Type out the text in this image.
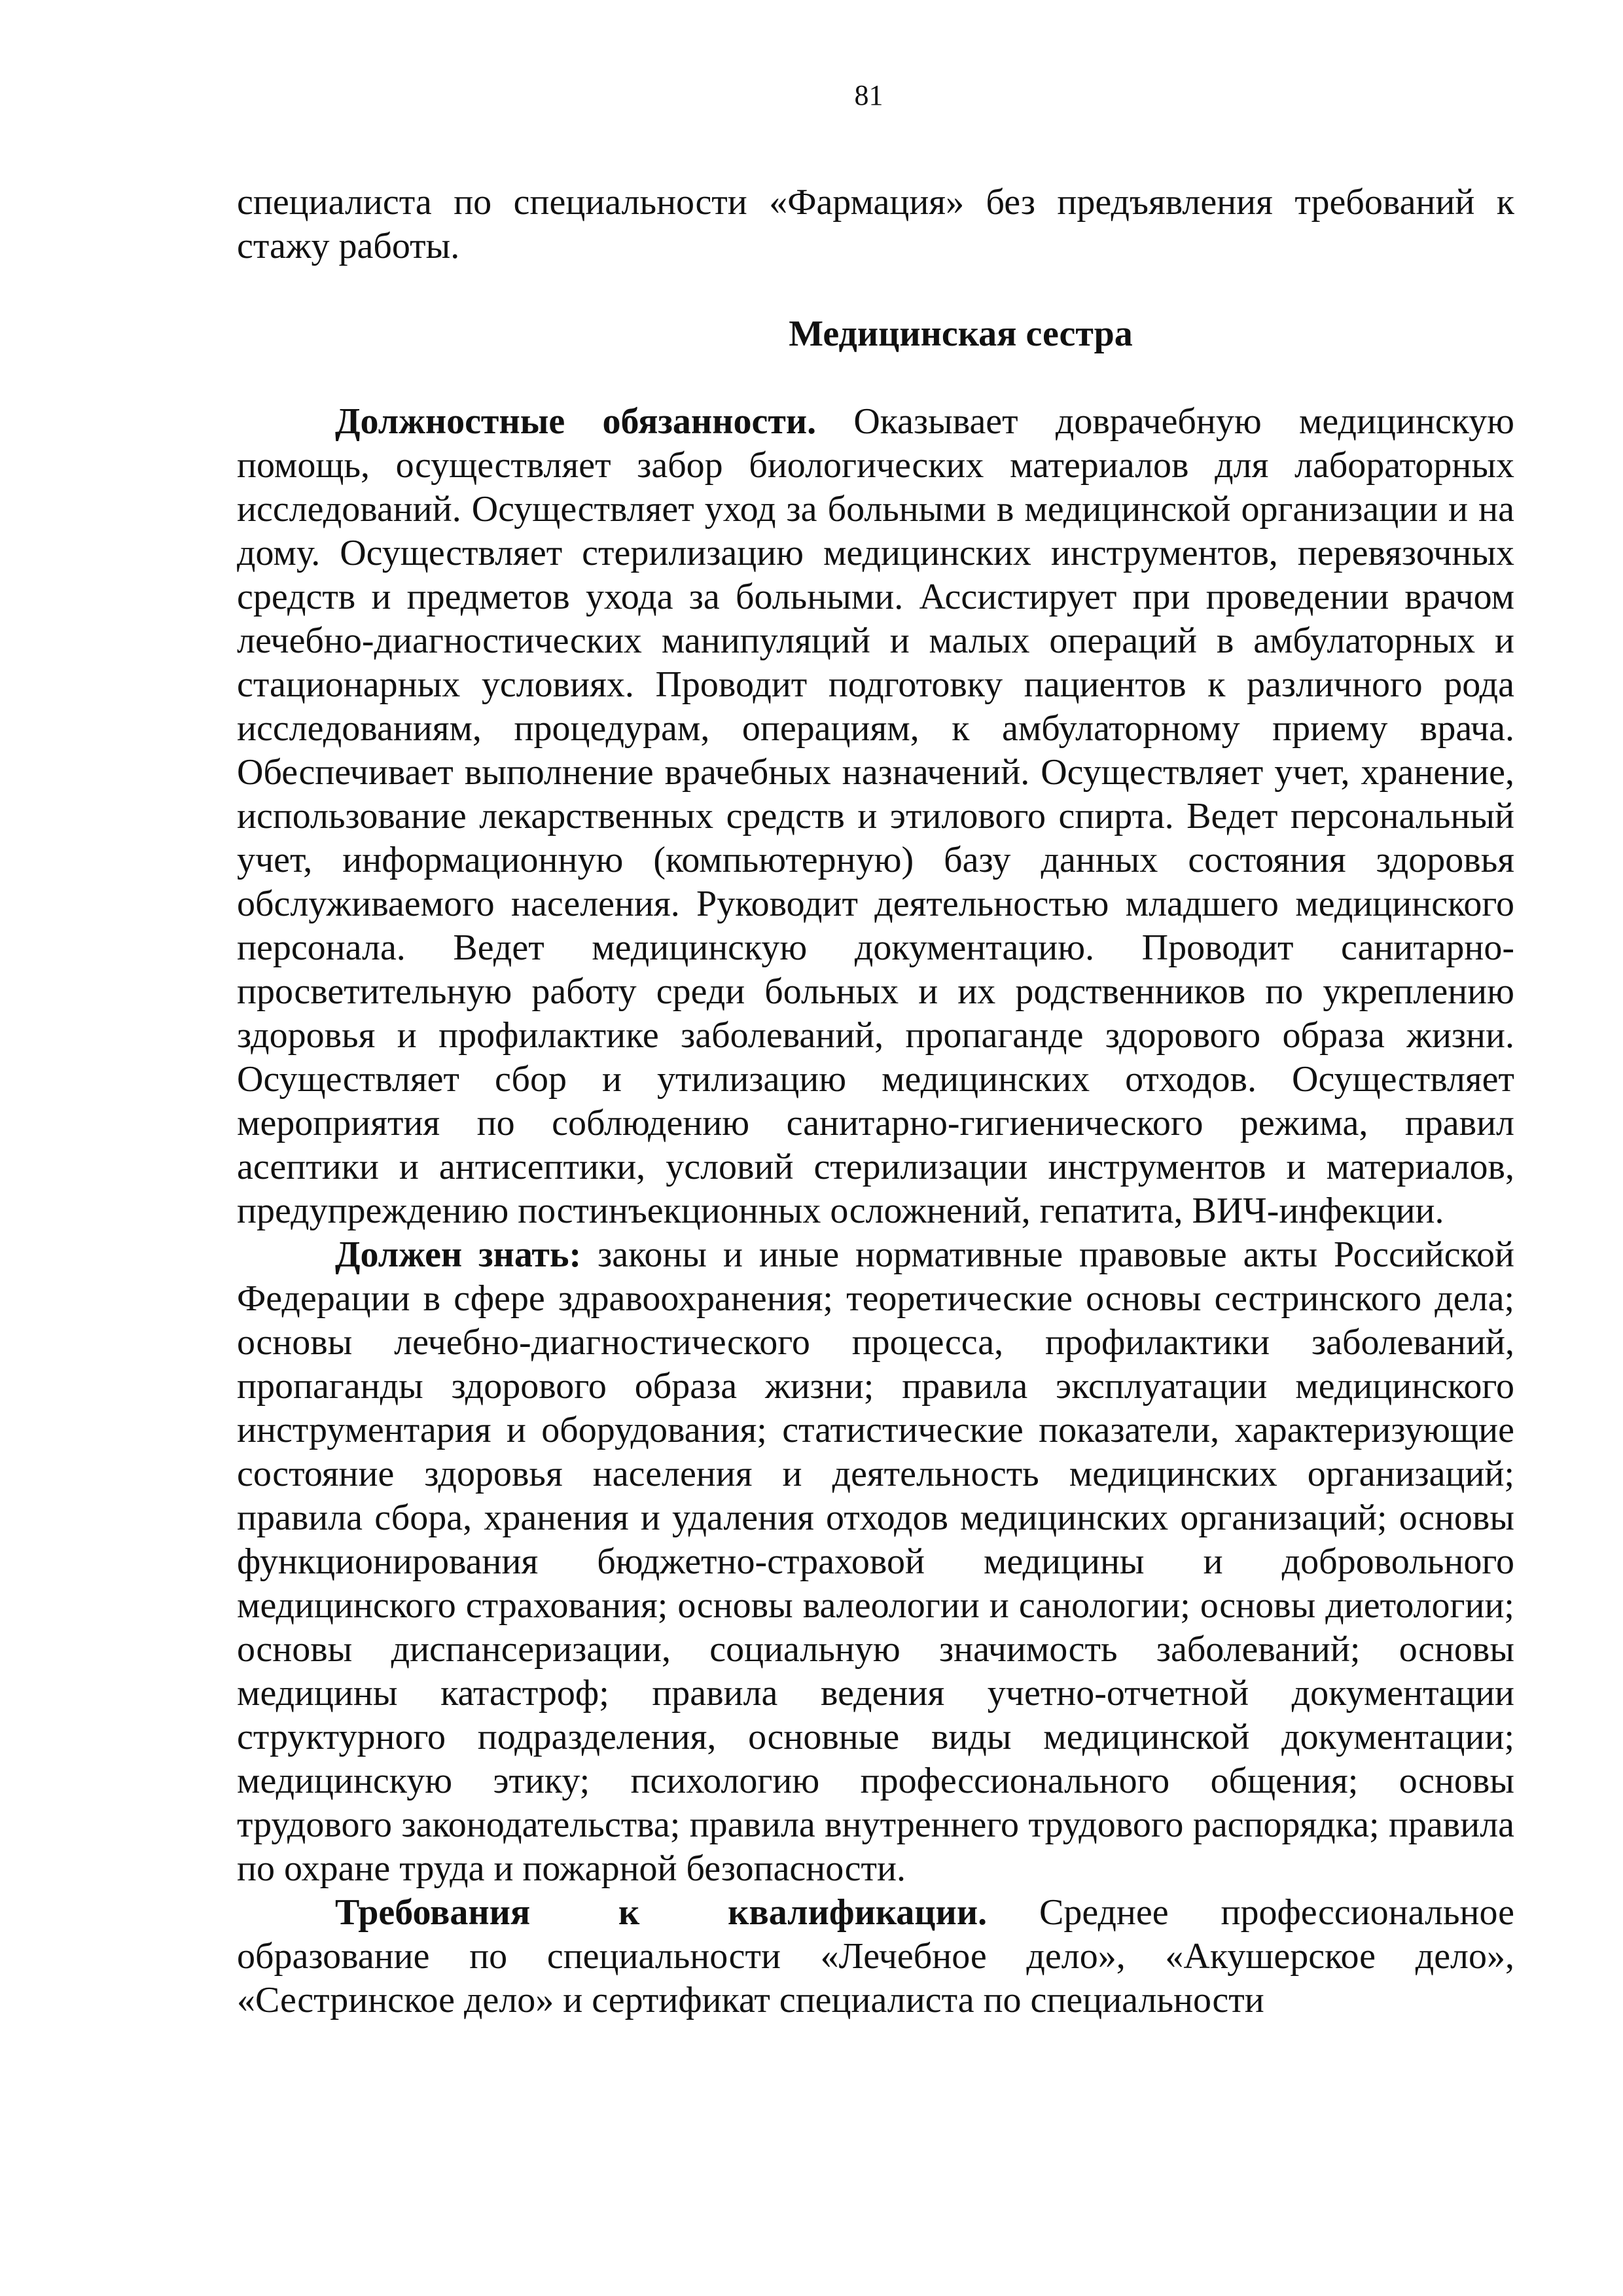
81

специалиста по специальности «Фармация» без предъявления требований к стажу работы.

Медицинская сестра

Должностные обязанности. Оказывает доврачебную медицинскую помощь, осуществляет забор биологических материалов для лабораторных исследований. Осуществляет уход за больными в медицинской организации и на дому. Осуществляет стерилизацию медицинских инструментов, перевязочных средств и предметов ухода за больными. Ассистирует при проведении врачом лечебно-диагностических манипуляций и малых операций в амбулаторных и стационарных условиях. Проводит подготовку пациентов к различного рода исследованиям, процедурам, операциям, к амбулаторному приему врача. Обеспечивает выполнение врачебных назначений. Осуществляет учет, хранение, использование лекарственных средств и этилового спирта. Ведет персональный учет, информационную (компьютерную) базу данных состояния здоровья обслуживаемого населения. Руководит деятельностью младшего медицинского персонала. Ведет медицинскую документацию. Проводит санитарно-просветительную работу среди больных и их родственников по укреплению здоровья и профилактике заболеваний, пропаганде здорового образа жизни. Осуществляет сбор и утилизацию медицинских отходов. Осуществляет мероприятия по соблюдению санитарно-гигиенического режима, правил асептики и антисептики, условий стерилизации инструментов и материалов, предупреждению постинъекционных осложнений, гепатита, ВИЧ-инфекции.

Должен знать: законы и иные нормативные правовые акты Российской Федерации в сфере здравоохранения; теоретические основы сестринского дела; основы лечебно-диагностического процесса, профилактики заболеваний, пропаганды здорового образа жизни; правила эксплуатации медицинского инструментария и оборудования; статистические показатели, характеризующие состояние здоровья населения и деятельность медицинских организаций; правила сбора, хранения и удаления отходов медицинских организаций; основы функционирования бюджетно-страховой медицины и добровольного медицинского страхования; основы валеологии и санологии; основы диетологии; основы диспансеризации, социальную значимость заболеваний; основы медицины катастроф; правила ведения учетно-отчетной документации структурного подразделения, основные виды медицинской документации; медицинскую этику; психологию профессионального общения; основы трудового законодательства; правила внутреннего трудового распорядка; правила по охране труда и пожарной безопасности.

Требования к квалификации. Среднее профессиональное образование по специальности «Лечебное дело», «Акушерское дело», «Сестринское дело» и сертификат специалиста по специальности
